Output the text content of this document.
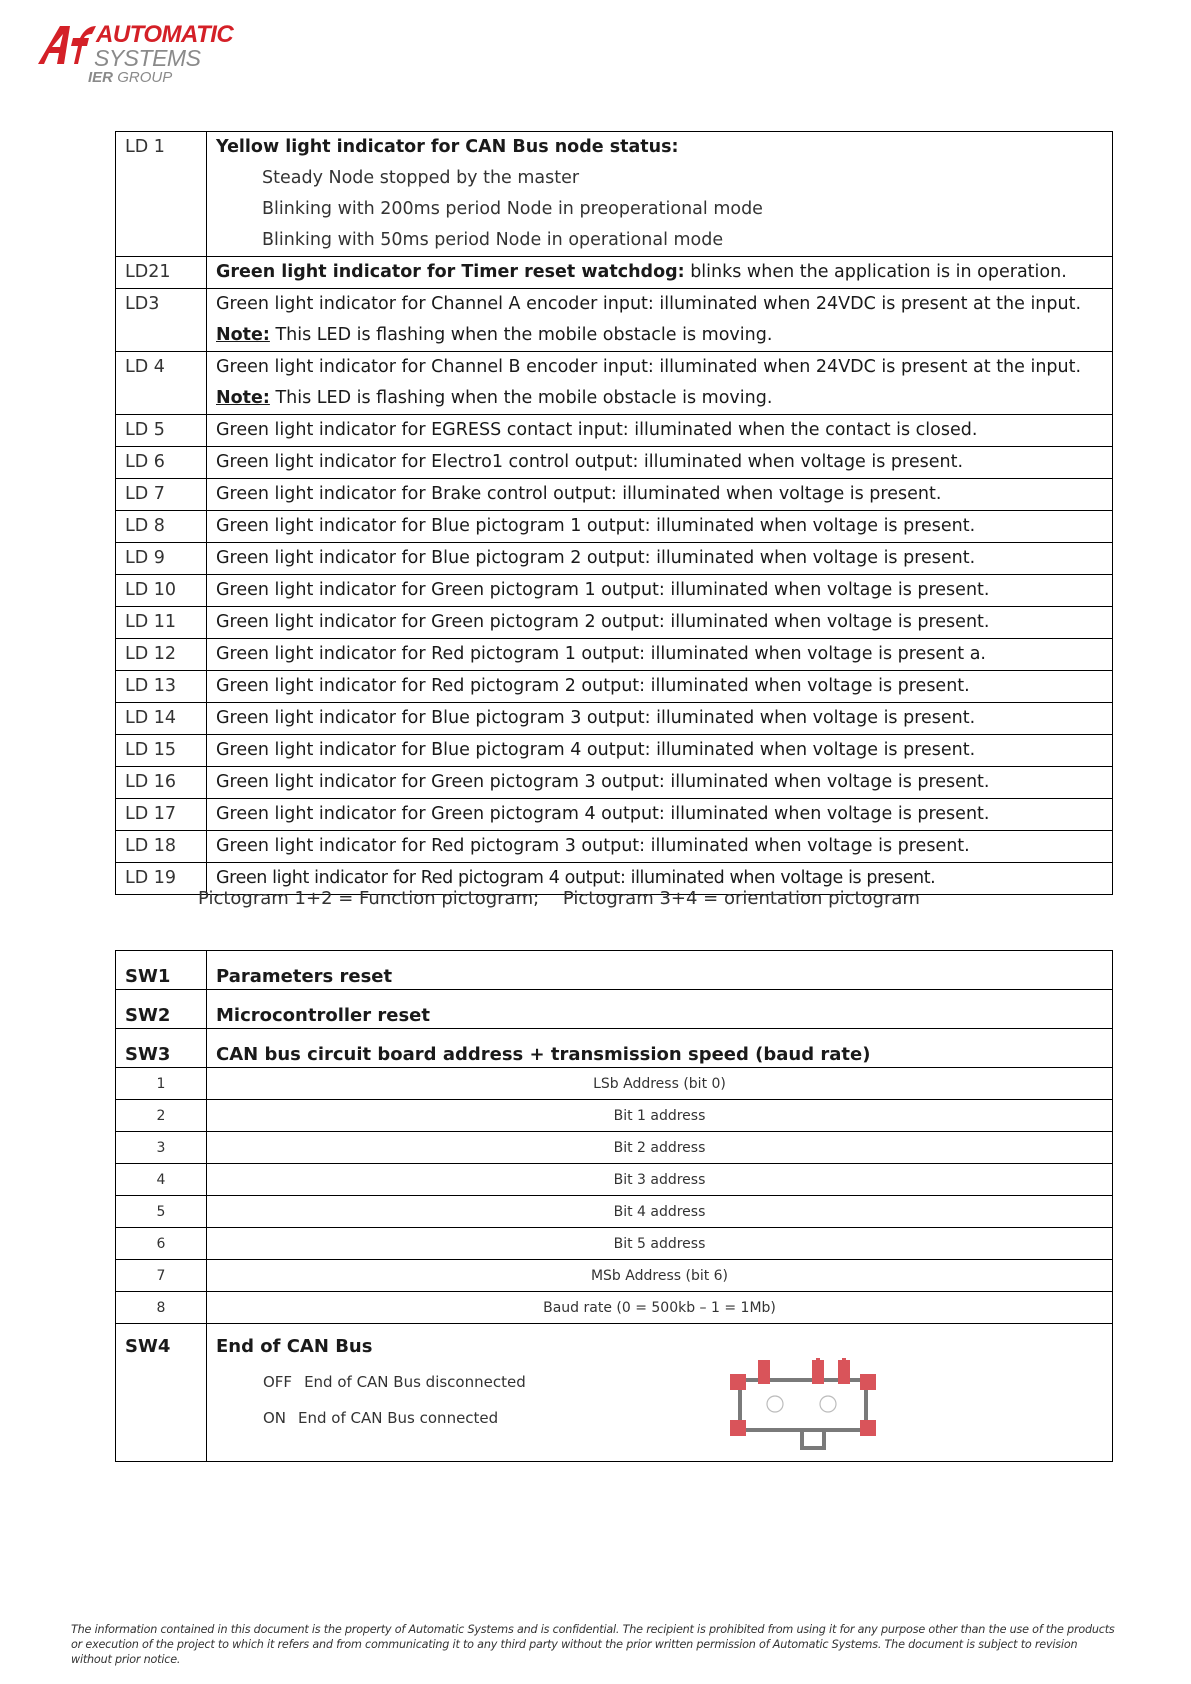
AUTOMATIC
SYSTEMS
IER GROUP
LD 1	Yellow light indicator for CAN Bus node status:
Steady Node stopped by the master
Blinking with 200ms period Node in preoperational mode
Blinking with 50ms period Node in operational mode

LD21	Green light indicator for Timer reset watchdog: blinks when the application is in operation.
LD3	Green light indicator for Channel A encoder input: illuminated when 24VDC is present at the input.
Note: This LED is flashing when the mobile obstacle is moving.

LD 4	Green light indicator for Channel B encoder input: illuminated when 24VDC is present at the input.
Note: This LED is flashing when the mobile obstacle is moving.

LD 5	Green light indicator for EGRESS contact input: illuminated when the contact is closed.
LD 6	Green light indicator for Electro1 control output: illuminated when voltage is present.
LD 7	Green light indicator for Brake control output: illuminated when voltage is present.
LD 8	Green light indicator for Blue pictogram 1 output: illuminated when voltage is present.
LD 9	Green light indicator for Blue pictogram 2 output: illuminated when voltage is present.
LD 10	Green light indicator for Green pictogram 1 output: illuminated when voltage is present.
LD 11	Green light indicator for Green pictogram 2 output: illuminated when voltage is present.
LD 12	Green light indicator for Red pictogram 1 output: illuminated when voltage is present a.
LD 13	Green light indicator for Red pictogram 2 output: illuminated when voltage is present.
LD 14	Green light indicator for Blue pictogram 3 output: illuminated when voltage is present.
LD 15	Green light indicator for Blue pictogram 4 output: illuminated when voltage is present.
LD 16	Green light indicator for Green pictogram 3 output: illuminated when voltage is present.
LD 17	Green light indicator for Green pictogram 4 output: illuminated when voltage is present.
LD 18	Green light indicator for Red pictogram 3 output: illuminated when voltage is present.
LD 19	Green light indicator for Red pictogram 4 output: illuminated when voltage is present.
Pictogram 1+2 = Function pictogram; Pictogram 3+4 = orientation pictogram
SW1	Parameters reset
SW2	Microcontroller reset
SW3	CAN bus circuit board address + transmission speed (baud rate)
1	LSb Address (bit 0)
2	Bit 1 address
3	Bit 2 address
4	Bit 3 address
5	Bit 4 address
6	Bit 5 address
7	MSb Address (bit 6)
8	Baud rate (0 = 500kb – 1 = 1Mb)
SW4	End of CAN Bus
OFF End of CAN Bus disconnected
ON End of CAN Bus connected
The information contained in this document is the property of Automatic Systems and is confidential. The recipient is prohibited from using it for any purpose other than the use of the products or execution of the project to which it refers and from communicating it to any third party without the prior written permission of Automatic Systems. The document is subject to revision without prior notice.
